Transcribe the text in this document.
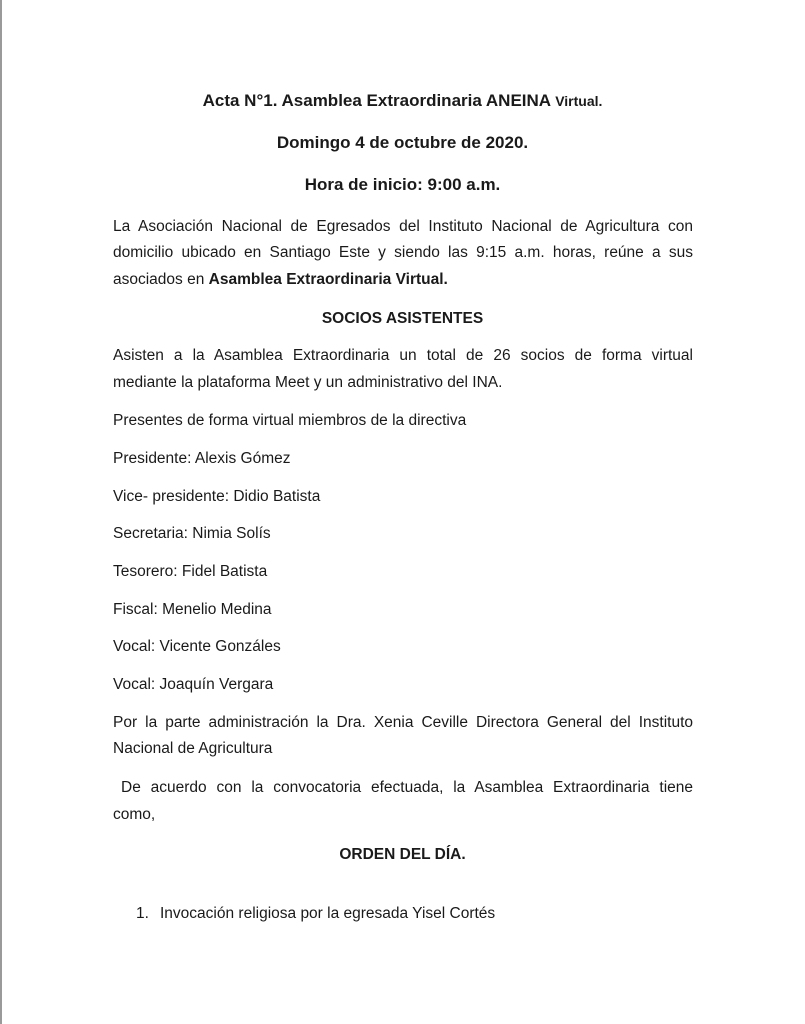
Acta N°1. Asamblea Extraordinaria ANEINA Virtual.
Domingo 4 de octubre de 2020.
Hora de inicio: 9:00 a.m.
La Asociación Nacional de Egresados del Instituto Nacional de Agricultura con
domicilio ubicado en Santiago Este y siendo las 9:15 a.m. horas, reúne a sus
asociados en Asamblea Extraordinaria Virtual.
SOCIOS ASISTENTES
Asisten a la Asamblea Extraordinaria un total de 26 socios de forma virtual
mediante la plataforma Meet y un administrativo del INA.
Presentes de forma virtual miembros de la directiva
Presidente: Alexis Gómez
Vice- presidente: Didio Batista
Secretaria: Nimia Solís
Tesorero: Fidel Batista
Fiscal: Menelio Medina
Vocal: Vicente Gonzáles
Vocal: Joaquín Vergara
Por la parte administración la Dra. Xenia Ceville Directora General del Instituto
Nacional de Agricultura
De acuerdo con la convocatoria efectuada, la Asamblea Extraordinaria tiene
como,
ORDEN DEL DÍA.
1. Invocación religiosa por la egresada Yisel Cortés
